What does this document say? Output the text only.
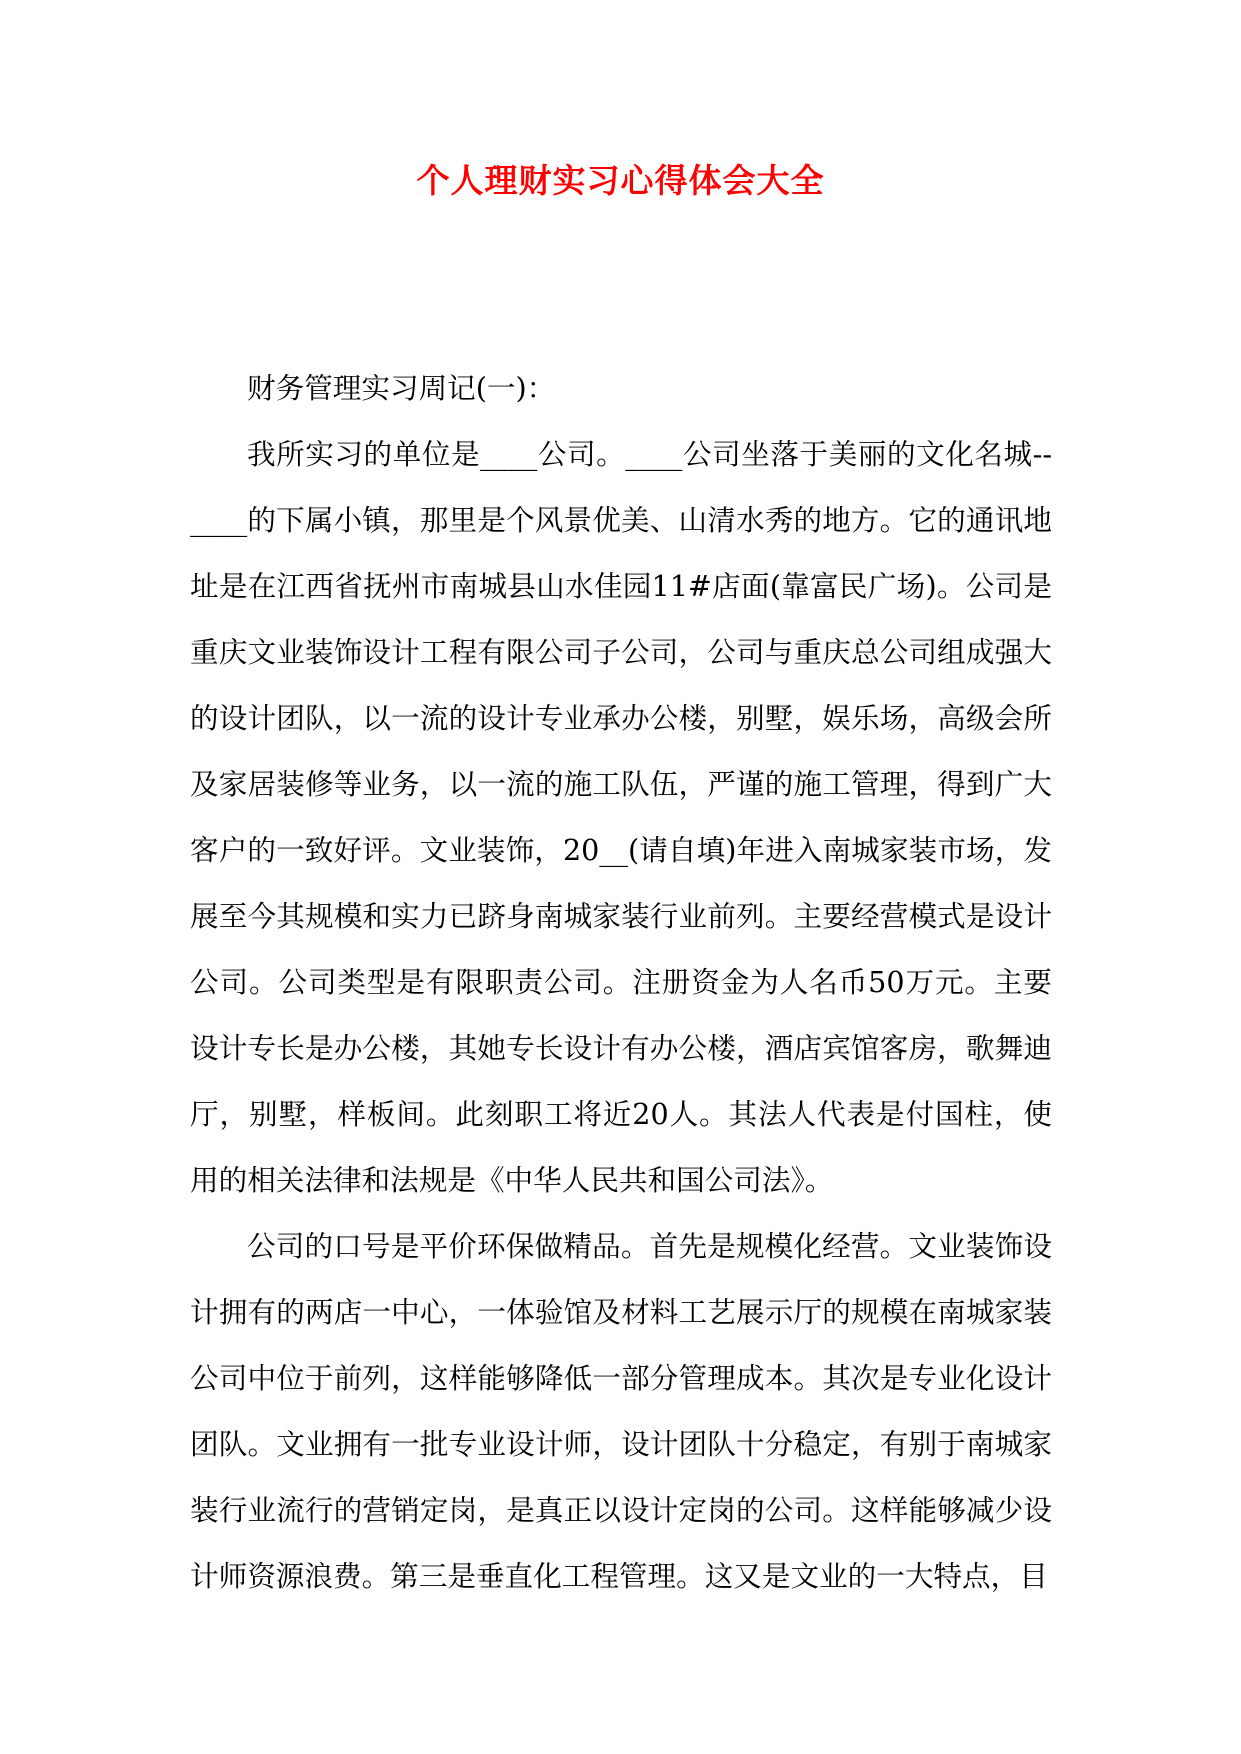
个人理财实习心得体会大全

财务管理实习周记(一)：

我所实习的单位是____公司。____公司坐落于美丽的文化名城--____的下属小镇，那里是个风景优美、山清水秀的地方。它的通讯地址是在江西省抚州市南城县山水佳园11#店面(靠富民广场)。公司是重庆文业装饰设计工程有限公司子公司，公司与重庆总公司组成强大的设计团队，以一流的设计专业承办公楼，别墅，娱乐场，高级会所及家居装修等业务，以一流的施工队伍，严谨的施工管理，得到广大客户的一致好评。文业装饰，20__(请自填)年进入南城家装市场，发展至今其规模和实力已跻身南城家装行业前列。主要经营模式是设计公司。公司类型是有限职责公司。注册资金为人名币50万元。主要设计专长是办公楼，其她专长设计有办公楼，酒店宾馆客房，歌舞迪厅，别墅，样板间。此刻职工将近20人。其法人代表是付国柱，使用的相关法律和法规是《中华人民共和国公司法》。

公司的口号是平价环保做精品。首先是规模化经营。文业装饰设计拥有的两店一中心，一体验馆及材料工艺展示厅的规模在南城家装公司中位于前列，这样能够降低一部分管理成本。其次是专业化设计团队。文业拥有一批专业设计师，设计团队十分稳定，有别于南城家装行业流行的营销定岗，是真正以设计定岗的公司。这样能够减少设计师资源浪费。第三是垂直化工程管理。这又是文业的一大特点，目
